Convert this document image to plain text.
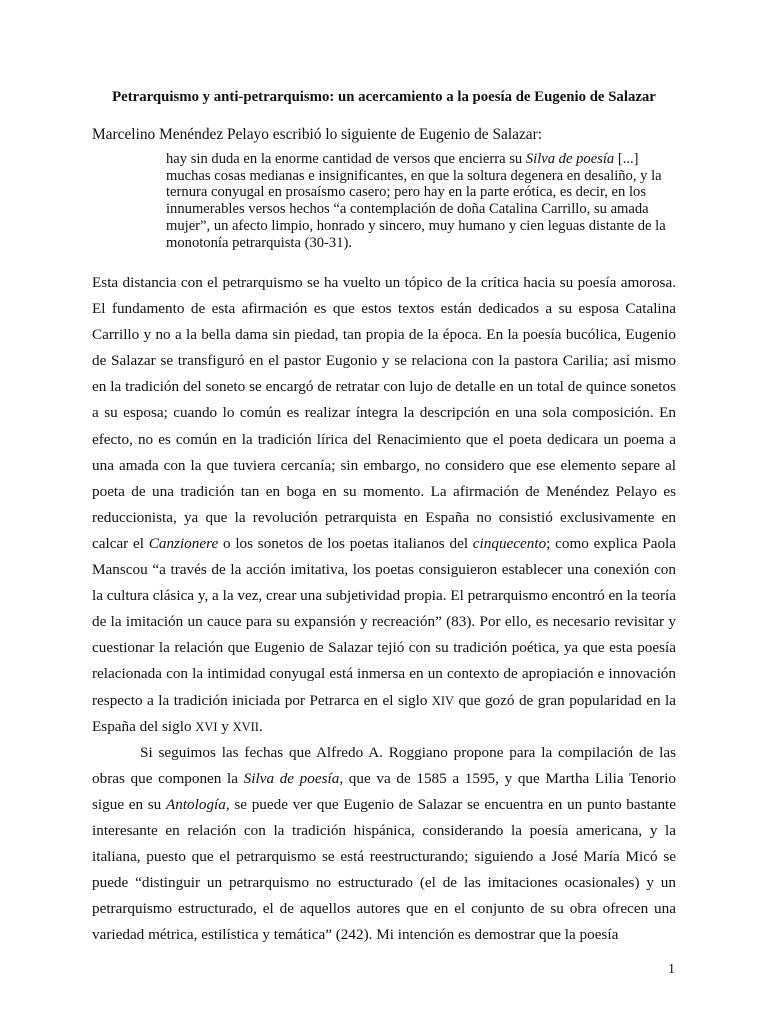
Petrarquismo y anti-petrarquismo: un acercamiento a la poesía de Eugenio de Salazar

Marcelino Menéndez Pelayo escribió lo siguiente de Eugenio de Salazar:

hay sin duda en la enorme cantidad de versos que encierra su Silva de poesía [...] muchas cosas medianas e insignificantes, en que la soltura degenera en desaliño, y la ternura conyugal en prosaísmo casero; pero hay en la parte erótica, es decir, en los innumerables versos hechos “a contemplación de doña Catalina Carrillo, su amada mujer”, un afecto limpio, honrado y sincero, muy humano y cien leguas distante de la monotonía petrarquista (30-31).

Esta distancia con el petrarquismo se ha vuelto un tópico de la crítica hacia su poesía amorosa. El fundamento de esta afirmación es que estos textos están dedicados a su esposa Catalina Carrillo y no a la bella dama sin piedad, tan propia de la época. En la poesía bucólica, Eugenio de Salazar se transfiguró en el pastor Eugonio y se relaciona con la pastora Carilia; así mismo en la tradición del soneto se encargó de retratar con lujo de detalle en un total de quince sonetos a su esposa; cuando lo común es realizar íntegra la descripción en una sola composición. En efecto, no es común en la tradición lírica del Renacimiento que el poeta dedicara un poema a una amada con la que tuviera cercanía; sin embargo, no considero que ese elemento separe al poeta de una tradición tan en boga en su momento. La afirmación de Menéndez Pelayo es reduccionista, ya que la revolución petrarquista en España no consistió exclusivamente en calcar el Canzionere o los sonetos de los poetas italianos del cinquecento; como explica Paola Manscou “a través de la acción imitativa, los poetas consiguieron establecer una conexión con la cultura clásica y, a la vez, crear una subjetividad propia. El petrarquismo encontró en la teoría de la imitación un cauce para su expansión y recreación” (83). Por ello, es necesario revisitar y cuestionar la relación que Eugenio de Salazar tejió con su tradición poética, ya que esta poesía relacionada con la intimidad conyugal está inmersa en un contexto de apropiación e innovación respecto a la tradición iniciada por Petrarca en el siglo XIV que gozó de gran popularidad en la España del siglo XVI y XVII.

Si seguimos las fechas que Alfredo A. Roggiano propone para la compilación de las obras que componen la Silva de poesía, que va de 1585 a 1595, y que Martha Lilia Tenorio sigue en su Antología, se puede ver que Eugenio de Salazar se encuentra en un punto bastante interesante en relación con la tradición hispánica, considerando la poesía americana, y la italiana, puesto que el petrarquismo se está reestructurando; siguiendo a José María Micó se puede “distinguir un petrarquismo no estructurado (el de las imitaciones ocasionales) y un petrarquismo estructurado, el de aquellos autores que en el conjunto de su obra ofrecen una variedad métrica, estilística y temática” (242). Mi intención es demostrar que la poesía

1
